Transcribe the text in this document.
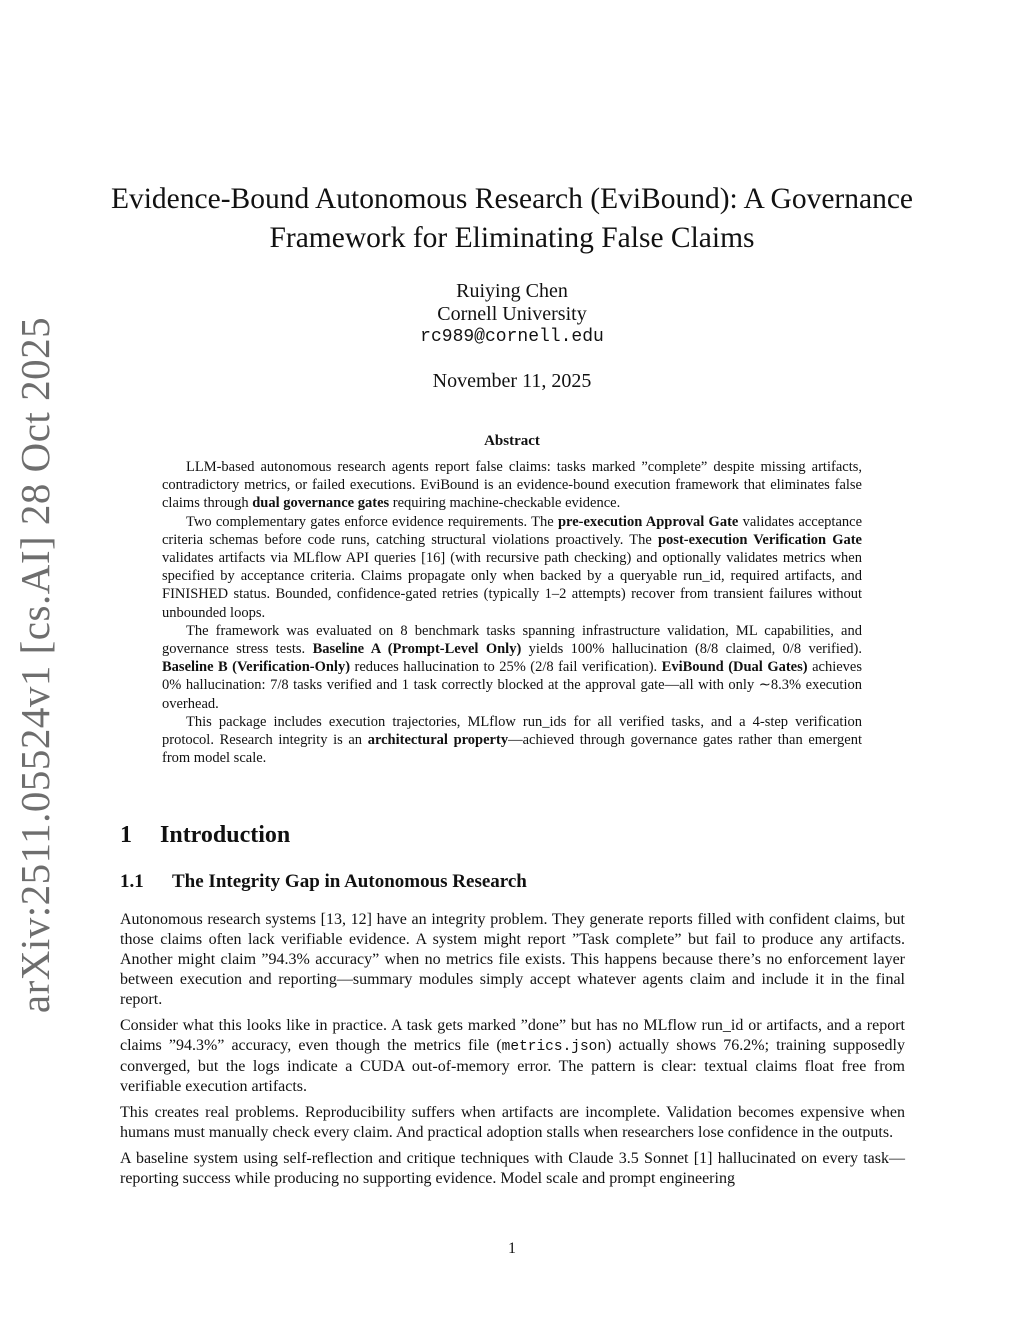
arXiv:2511.05524v1 [cs.AI] 28 Oct 2025
Evidence-Bound Autonomous Research (EviBound): A Governance
Framework for Eliminating False Claims
Ruiying Chen
Cornell University
rc989@cornell.edu
November 11, 2025
Abstract

LLM-based autonomous research agents report false claims: tasks marked ”complete” despite missing artifacts, contradictory metrics, or failed executions. EviBound is an evidence-bound execution framework that eliminates false claims through dual governance gates requiring machine-checkable evidence.

Two complementary gates enforce evidence requirements. The pre-execution Approval Gate validates acceptance criteria schemas before code runs, catching structural violations proactively. The post-execution Verification Gate validates artifacts via MLflow API queries [16] (with recursive path checking) and optionally validates metrics when specified by acceptance criteria. Claims propagate only when backed by a queryable run_id, required artifacts, and FINISHED status. Bounded, confidence-gated retries (typically 1–2 attempts) recover from transient failures without unbounded loops.

The framework was evaluated on 8 benchmark tasks spanning infrastructure validation, ML capabilities, and governance stress tests. Baseline A (Prompt-Level Only) yields 100% hallucination (8/8 claimed, 0/8 verified). Baseline B (Verification-Only) reduces hallucination to 25% (2/8 fail verification). EviBound (Dual Gates) achieves 0% hallucination: 7/8 tasks verified and 1 task correctly blocked at the approval gate—all with only ∼8.3% execution overhead.

This package includes execution trajectories, MLflow run_ids for all verified tasks, and a 4-step verification protocol. Research integrity is an architectural property—achieved through governance gates rather than emergent from model scale.

1 Introduction
1.1 The Integrity Gap in Autonomous Research

Autonomous research systems [13, 12] have an integrity problem. They generate reports filled with confident claims, but those claims often lack verifiable evidence. A system might report ”Task complete” but fail to produce any artifacts. Another might claim ”94.3% accuracy” when no metrics file exists. This happens because there’s no enforcement layer between execution and reporting—summary modules simply accept whatever agents claim and include it in the final report.

Consider what this looks like in practice. A task gets marked ”done” but has no MLflow run_id or artifacts, and a report claims ”94.3%” accuracy, even though the metrics file (metrics.json) actually shows 76.2%; training supposedly converged, but the logs indicate a CUDA out-of-memory error. The pattern is clear: textual claims float free from verifiable execution artifacts.

This creates real problems. Reproducibility suffers when artifacts are incomplete. Validation becomes expensive when humans must manually check every claim. And practical adoption stalls when researchers lose confidence in the outputs.

A baseline system using self-reflection and critique techniques with Claude 3.5 Sonnet [1] hallucinated on every task—reporting success while producing no supporting evidence. Model scale and prompt engineering

1
